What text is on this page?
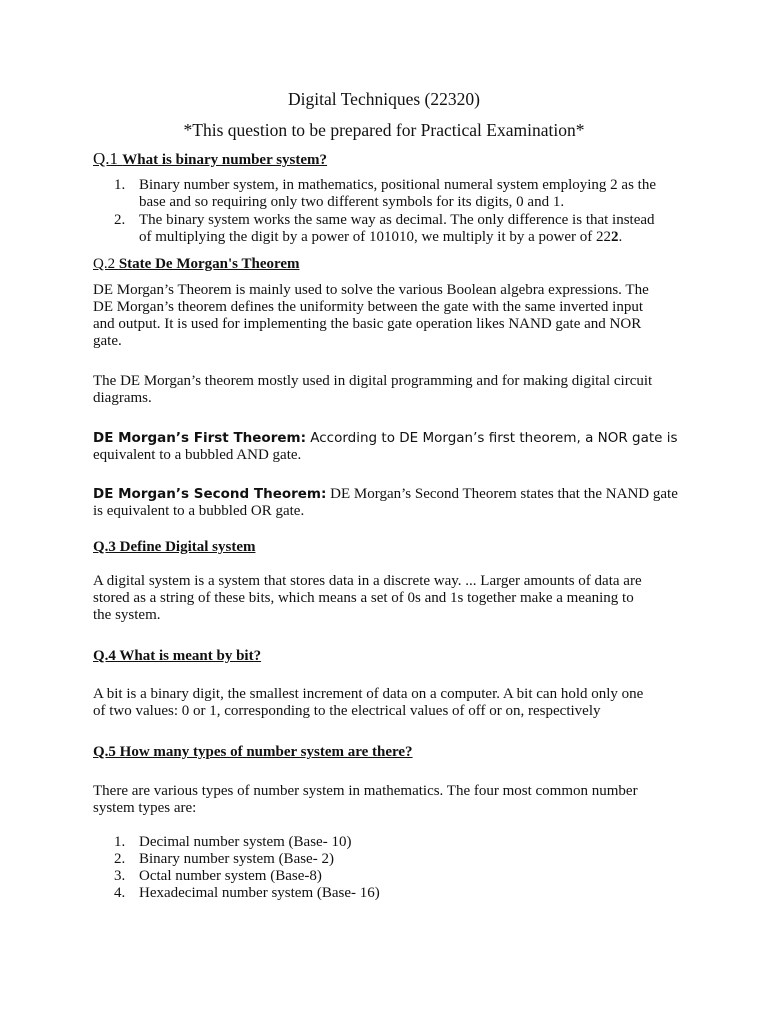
Digital Techniques (22320)
*This question to be prepared for Practical Examination*
Q.1 What is binary number system?
1. Binary number system, in mathematics, positional numeral system employing 2 as the
base and so requiring only two different symbols for its digits, 0 and 1.
2. The binary system works the same way as decimal. The only difference is that instead
of multiplying the digit by a power of 101010, we multiply it by a power of 222.
Q.2 State De Morgan's Theorem
DE Morgan’s Theorem is mainly used to solve the various Boolean algebra expressions. The
DE Morgan’s theorem defines the uniformity between the gate with the same inverted input
and output. It is used for implementing the basic gate operation likes NAND gate and NOR
gate.
The DE Morgan’s theorem mostly used in digital programming and for making digital circuit
diagrams.
DE Morgan’s First Theorem: According to DE Morgan’s first theorem, a NOR gate is
equivalent to a bubbled AND gate.
DE Morgan’s Second Theorem: DE Morgan’s Second Theorem states that the NAND gate
is equivalent to a bubbled OR gate.
Q.3 Define Digital system
A digital system is a system that stores data in a discrete way. ... Larger amounts of data are
stored as a string of these bits, which means a set of 0s and 1s together make a meaning to
the system.
Q.4 What is meant by bit?
A bit is a binary digit, the smallest increment of data on a computer. A bit can hold only one
of two values: 0 or 1, corresponding to the electrical values of off or on, respectively
Q.5 How many types of number system are there?
There are various types of number system in mathematics. The four most common number
system types are:
1. Decimal number system (Base- 10)
2. Binary number system (Base- 2)
3. Octal number system (Base-8)
4. Hexadecimal number system (Base- 16)
